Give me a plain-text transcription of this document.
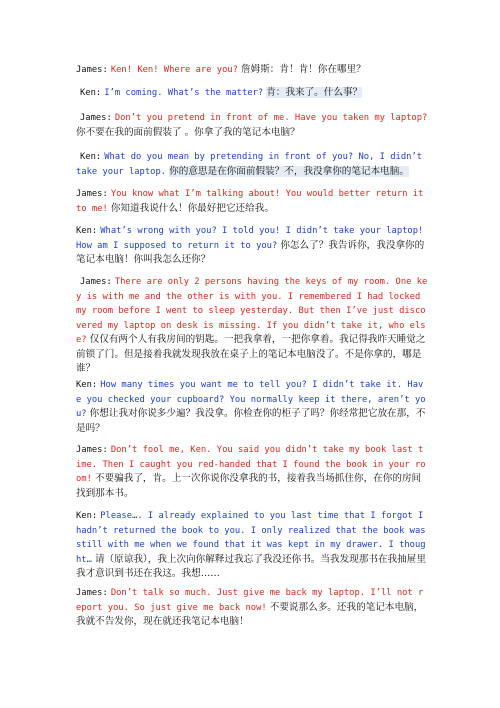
James: Ken! Ken! Where are you? 詹姆斯：肯！肯！你在哪里？
Ken: I’m coming. What’s the matter? 肯：我来了。什么事？
James: Don’t you pretend in front of me. Have you taken my laptop? 你不要在我的面前假装了 。你拿了我的笔记本电脑？
Ken: What do you mean by pretending in front of you? No, I didn’t take your laptop. 你的意思是在你面前假装？不，我没拿你的笔记本电脑。
James: You know what I’m talking about! You would better return it to me! 你知道我说什么！你最好把它还给我。
Ken: What’s wrong with you? I told you! I didn’t take your laptop! How am I supposed to return it to you? 你怎么了？我告诉你，我没拿你的笔记本电脑！你叫我怎么还你？
James: There are only 2 persons having the keys of my room. One key is with me and the other is with you. I remembered I had locked my room before I went to sleep yesterday. But then I’ve just discovered my laptop on desk is missing. If you didn’t take it, who else? 仅仅有两个人有我房间的钥匙。一把我拿着，一把你拿着。我记得我昨天睡觉之前锁了门。但是接着我就发现我放在桌子上的笔记本电脑没了。不是你拿的，哪是谁？
Ken: How many times you want me to tell you? I didn’t take it. Have you checked your cupboard? You normally keep it there, aren’t you? 你想让我对你说多少遍？我没拿。你检查你的柜子了吗？你经常把它放在那，不是吗？
James: Don’t fool me, Ken. You said you didn’t take my book last time. Then I caught you red-handed that I found the book in your room! 不要骗我了，肯。上一次你说你没拿我的书，接着我当场抓住你，在你的房间找到那本书。
Ken: Please…. I already explained to you last time that I forgot I hadn’t returned the book to you. I only realized that the book was still with me when we found that it was kept in my drawer. I thought… 请（原谅我），我上次向你解释过我忘了我没还你书。当我发现那书在我抽屉里我才意识到书还在我这。我想……
James: Don’t talk so much. Just give me back my laptop. I’ll not report you. So just give me back now! 不要说那么多。还我的笔记本电脑，我就不告发你，现在就还我笔记本电脑！
